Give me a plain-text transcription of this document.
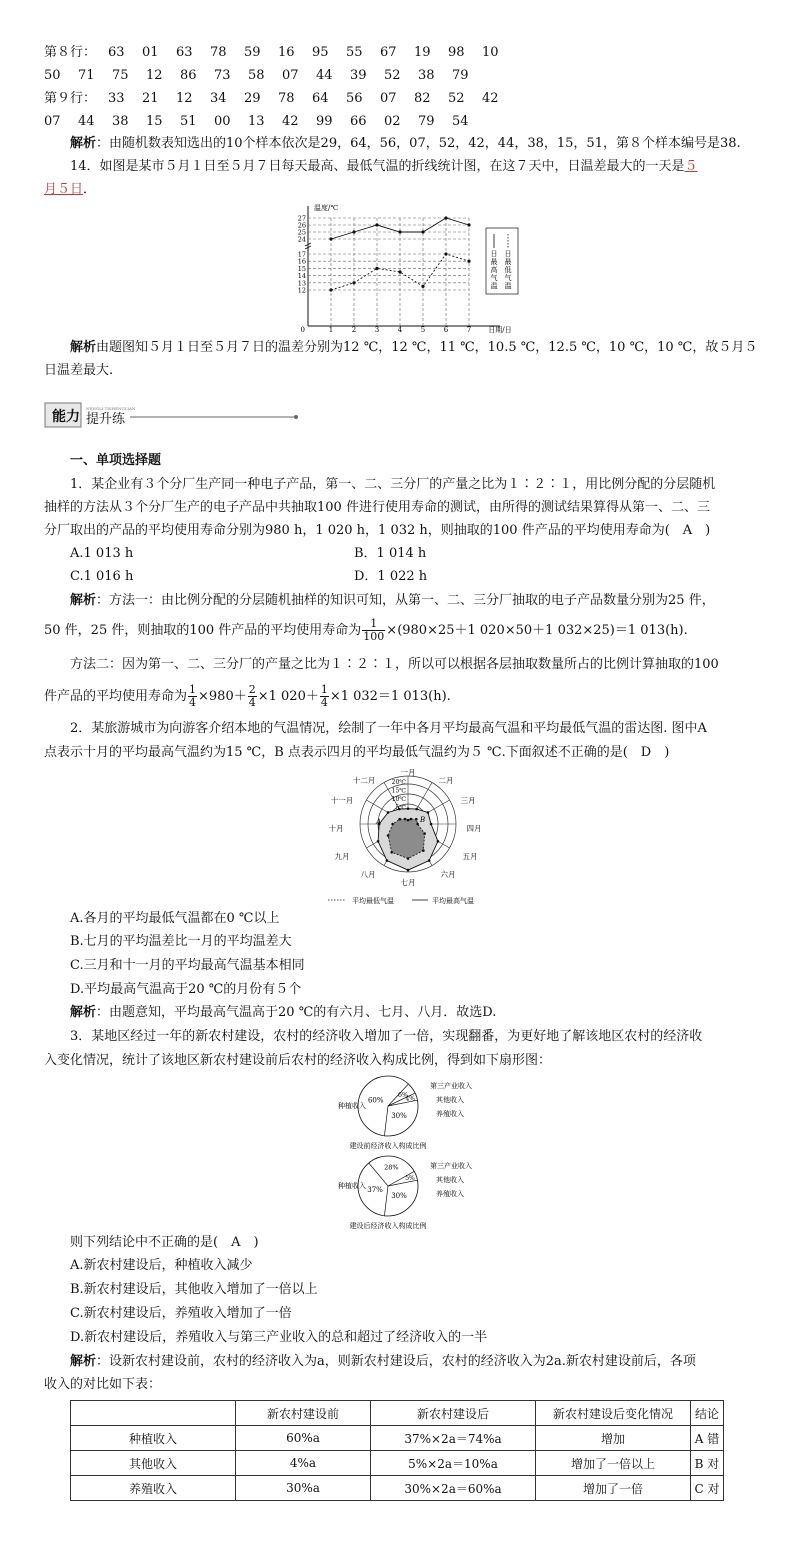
第８行： 63 01 63 78 59 16 95 55 67 19 98 10
50 71 75 12 86 73 58 07 44 39 52 38 79
第９行： 33 21 12 34 29 78 64 56 07 82 52 42
07 44 38 15 51 00 13 42 99 66 02 79 54
解析：由随机数表知选出的10个样本依次是29，64，56，07，52，42，44，38，15，51，第８个样本编号是38.
14．如图是某市５月１日至５月７日每天最高、最低气温的折线统计图，在这７天中，日温差最大的一天是５
月５日．
0
温度/℃
日期/日
27
26
25
24
17
16
15
14
13
12
1	2	3	4	5	6	7
日
最
高
气
温
日
最
低
气
温
解析由题图知５月１日至５月７日的温差分别为12 ℃，12 ℃，11 ℃，10.5 ℃，12.5 ℃，10 ℃，10 ℃，故５月５
日温差最大.
能力
NENGLI TISHENGLIAN
提升练
一、单项选择题
1．某企业有３个分厂生产同一种电子产品，第一、二、三分厂的产量之比为１∶２∶１，用比例分配的分层随机
抽样的方法从３个分厂生产的电子产品中共抽取100 件进行使用寿命的测试，由所得的测试结果算得从第一、二、三
分厂取出的产品的平均使用寿命分别为980 h，1 020 h，1 032 h，则抽取的100 件产品的平均使用寿命为(　A　)
A.1 013 h	B．1 014 h
C.1 016 h	D．1 022 h
解析：方法一：由比例分配的分层随机抽样的知识可知，从第一、二、三分厂抽取的电子产品数量分别为25 件，
50 件，25 件，则抽取的100 件产品的平均使用寿命为 $\frac{1}{100} \times(980\times 25+1$ 020×50＋1 032×25)＝1 013(h).
方法二：因为第一、二、三分厂的产量之比为１∶２∶１，所以可以根据各层抽取数量所占的比例计算抽取的100
件产品的平均使用寿命为 $\frac{1}{4} \times 980+ \frac{2}{4} \times 1$ $020+ \frac{1}{4} \times 1$ 032＝1 013(h).
2．某旅游城市为向游客介绍本地的气温情况，绘制了一年中各月平均最高气温和平均最低气温的雷达图. 图中A
点表示十月的平均最高气温约为15 ℃，B 点表示四月的平均最低气温约为５ ℃.下面叙述不正确的是(　D　)
20℃
15℃
10℃
5℃
一月
二月
三月
四月
五月
六月
七月
八月
九月
十月
十一月
十二月
A	B
平均最低气温	平均最高气温
A.各月的平均最低气温都在0 ℃以上
B.七月的平均温差比一月的平均温差大
C.三月和十一月的平均最高气温基本相同
D.平均最高气温高于20 ℃的月份有５个
解析：由题意知，平均最高气温高于20 ℃的有六月、七月、八月．故选D.
3．某地区经过一年的新农村建设，农村的经济收入增加了一倍，实现翻番，为更好地了解该地区农村的经济收
入变化情况，统计了该地区新农村建设前后农村的经济收入构成比例，得到如下扇形图：
60%
6%
4%
30%
种植收入
第三产业收入
其他收入
养殖收入
建设前经济收入构成比例
37%
28%
5%
30%
种植收入
第三产业收入
其他收入
养殖收入
建设后经济收入构成比例
则下列结论中不正确的是(　A　)
A.新农村建设后，种植收入减少
B.新农村建设后，其他收入增加了一倍以上
C.新农村建设后，养殖收入增加了一倍
D.新农村建设后，养殖收入与第三产业收入的总和超过了经济收入的一半
解析：设新农村建设前，农村的经济收入为a，则新农村建设后，农村的经济收入为2a.新农村建设前后，各项
收入的对比如下表：
	新农村建设前	新农村建设后	新农村建设后变化情况	结论
种植收入	60%a	37%×2a＝74%a	增加	A 错
其他收入	4%a	5%×2a＝10%a	增加了一倍以上	B 对
养殖收入	30%a	30%×2a＝60%a	增加了一倍	C 对
